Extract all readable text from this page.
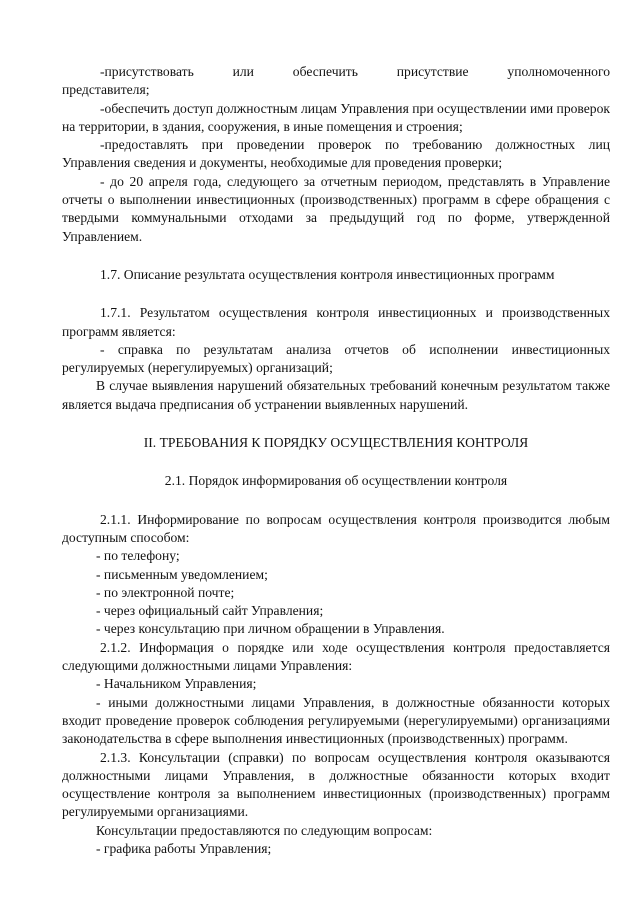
-присутствовать или обеспечить присутствие уполномоченного

представителя;

-обеспечить доступ должностным лицам Управления при осуществлении ими проверок на территории, в здания, сооружения, в иные помещения и строения;

-предоставлять при проведении проверок по требованию должностных лиц Управления сведения и документы, необходимые для проведения проверки;

- до 20 апреля года, следующего за отчетным периодом, представлять в Управление отчеты о выполнении инвестиционных (производственных) программ в сфере обращения с твердыми коммунальными отходами за предыдущий год по форме, утвержденной Управлением.

1.7. Описание результата осуществления контроля инвестиционных программ

1.7.1. Результатом осуществления контроля инвестиционных и производственных программ является:

- справка по результатам анализа отчетов об исполнении инвестиционных регулируемых (нерегулируемых) организаций;

В случае выявления нарушений обязательных требований конечным результатом также является выдача предписания об устранении выявленных нарушений.

II. ТРЕБОВАНИЯ К ПОРЯДКУ ОСУЩЕСТВЛЕНИЯ КОНТРОЛЯ

2.1. Порядок информирования об осуществлении контроля

2.1.1. Информирование по вопросам осуществления контроля производится любым доступным способом:

- по телефону;

- письменным уведомлением;

- по электронной почте;

- через официальный сайт Управления;

- через консультацию при личном обращении в Управления.

2.1.2. Информация о порядке или ходе осуществления контроля предоставляется следующими должностными лицами Управления:

- Начальником Управления;

- иными должностными лицами Управления, в должностные обязанности которых входит проведение проверок соблюдения регулируемыми (нерегулируемыми) организациями законодательства в сфере выполнения инвестиционных (производственных) программ.

2.1.3. Консультации (справки) по вопросам осуществления контроля оказываются должностными лицами Управления, в должностные обязанности которых входит осуществление контроля за выполнением инвестиционных (производственных) программ регулируемыми организациями.

Консультации предоставляются по следующим вопросам:

- графика работы Управления;
